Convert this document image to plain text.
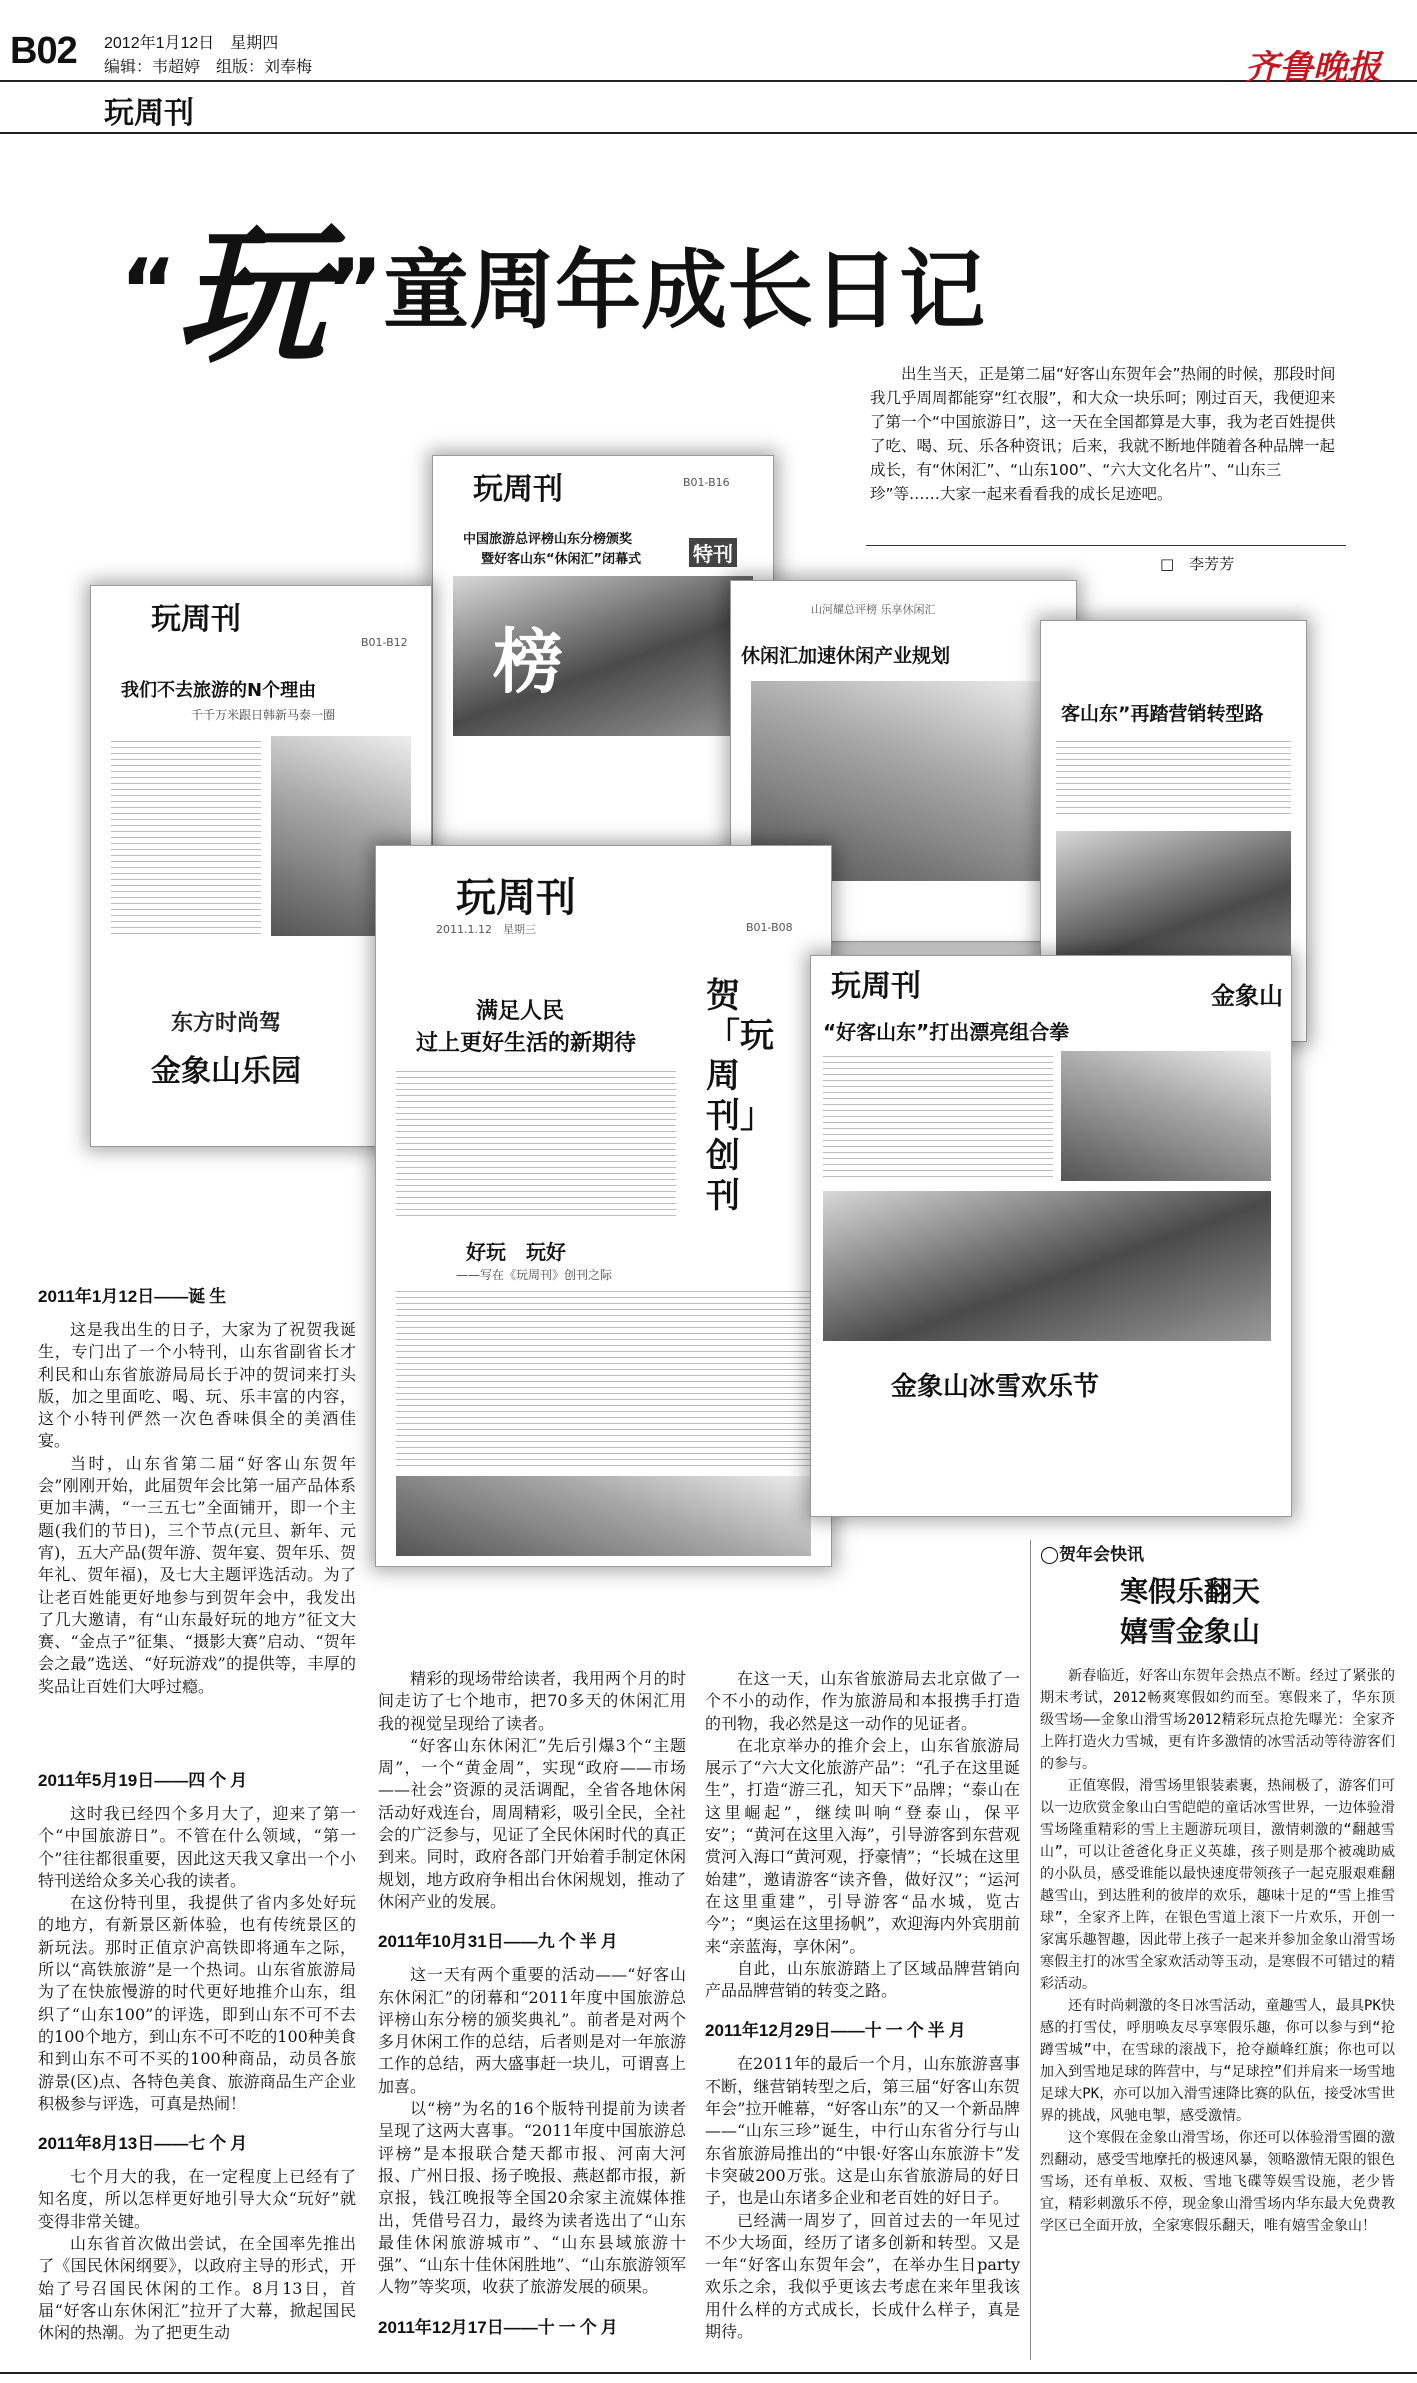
B02 2012年1月12日　星期四
编辑：韦超婷　组版：刘奉梅
玩周刊
齐鲁晚报
“玩”童周年成长日记
出生当天，正是第二届“好客山东贺年会”热闹的时候，那段时间我几乎周周都能穿“红衣服”，和大众一块乐呵；刚过百天，我便迎来了第一个“中国旅游日”，这一天在全国都算是大事，我为老百姓提供了吃、喝、玩、乐各种资讯；后来，我就不断地伴随着各种品牌一起成长，有“休闲汇”、“山东100”、“六大文化名片”、“山东三珍”等……大家一起来看看我的成长足迹吧。
□　李芳芳
玩周刊	B01-B16
中国旅游总评榜山东分榜颁奖
暨好客山东“休闲汇”闭幕式	特刊
榜
玩周刊
B01-B12
我们不去旅游的N个理由
千千万米跟日韩新马泰一圈
东方时尚驾
金象山乐园
山河耀总评榜 乐享休闲汇
休闲汇加速休闲产业规划
客山东”再踏营销转型路
玩周刊
2011.1.12　星期三	B01-B08
满足人民
过上更好生活的新期待
贺「玩周刊」创刊
好玩　玩好
——写在《玩周刊》创刊之际
玩周刊
“好客山东”打出漂亮组合拳
金象山
金象山冰雪欢乐节

2011年1月12日——诞生

这是我出生的日子，大家为了祝贺我诞生，专门出了一个小特刊，山东省副省长才利民和山东省旅游局局长于冲的贺词来打头版，加之里面吃、喝、玩、乐丰富的内容，这个小特刊俨然一次色香味俱全的美酒佳宴。

当时，山东省第二届“好客山东贺年会”刚刚开始，此届贺年会比第一届产品体系更加丰满，“一三五七”全面铺开，即一个主题(我们的节日)，三个节点(元旦、新年、元宵)，五大产品(贺年游、贺年宴、贺年乐、贺年礼、贺年福)，及七大主题评选活动。为了让老百姓能更好地参与到贺年会中，我发出了几大邀请，有“山东最好玩的地方”征文大赛、“金点子”征集、“摄影大赛”启动、“贺年会之最”选送、“好玩游戏”的提供等，丰厚的奖品让百姓们大呼过瘾。

2011年5月19日——四个月

这时我已经四个多月大了，迎来了第一个“中国旅游日”。不管在什么领域，“第一个”往往都很重要，因此这天我又拿出一个小特刊送给众多关心我的读者。

在这份特刊里，我提供了省内多处好玩的地方，有新景区新体验，也有传统景区的新玩法。那时正值京沪高铁即将通车之际，所以“高铁旅游”是一个热词。山东省旅游局为了在快旅慢游的时代更好地推介山东，组织了“山东100”的评选，即到山东不可不去的100个地方，到山东不可不吃的100种美食和到山东不可不买的100种商品，动员各旅游景(区)点、各特色美食、旅游商品生产企业积极参与评选，可真是热闹！

2011年8月13日——七个月

七个月大的我，在一定程度上已经有了知名度，所以怎样更好地引导大众“玩好”就变得非常关键。

山东省首次做出尝试，在全国率先推出了《国民休闲纲要》，以政府主导的形式，开始了号召国民休闲的工作。8月13日，首届“好客山东休闲汇”拉开了大幕，掀起国民休闲的热潮。为了把更生动

精彩的现场带给读者，我用两个月的时间走访了七个地市，把70多天的休闲汇用我的视觉呈现给了读者。

“好客山东休闲汇”先后引爆3个“主题周”，一个“黄金周”，实现“政府——市场——社会”资源的灵活调配，全省各地休闲活动好戏连台，周周精彩，吸引全民，全社会的广泛参与，见证了全民休闲时代的真正到来。同时，政府各部门开始着手制定休闲规划，地方政府争相出台休闲规划，推动了休闲产业的发展。

2011年10月31日——九个半月

这一天有两个重要的活动——“好客山东休闲汇”的闭幕和“2011年度中国旅游总评榜山东分榜的颁奖典礼”。前者是对两个多月休闲工作的总结，后者则是对一年旅游工作的总结，两大盛事赶一块儿，可谓喜上加喜。

以“榜”为名的16个版特刊提前为读者呈现了这两大喜事。“2011年度中国旅游总评榜”是本报联合楚天都市报、河南大河报、广州日报、扬子晚报、燕赵都市报，新京报，钱江晚报等全国20余家主流媒体推出，凭借号召力，最终为读者选出了“山东最佳休闲旅游城市”、“山东县域旅游十强”、“山东十佳休闲胜地”、“山东旅游领军人物”等奖项，收获了旅游发展的硕果。

2011年12月17日——十一个月

在这一天，山东省旅游局去北京做了一个不小的动作，作为旅游局和本报携手打造的刊物，我必然是这一动作的见证者。

在北京举办的推介会上，山东省旅游局展示了“六大文化旅游产品”：“孔子在这里诞生”，打造“游三孔，知天下”品牌；“泰山在这里崛起”，继续叫响“登泰山，保平安”；“黄河在这里入海”，引导游客到东营观赏河入海口“黄河观，抒豪情”；“长城在这里始建”，邀请游客“读齐鲁，做好汉”；“运河在这里重建”，引导游客“品水城，览古今”；“奥运在这里扬帆”，欢迎海内外宾朋前来“亲蓝海，享休闲”。

自此，山东旅游踏上了区域品牌营销向产品品牌营销的转变之路。

2011年12月29日——十一个半月

在2011年的最后一个月，山东旅游喜事不断，继营销转型之后，第三届“好客山东贺年会”拉开帷幕，“好客山东”的又一个新品牌——“山东三珍”诞生，中行山东省分行与山东省旅游局推出的“中银·好客山东旅游卡”发卡突破200万张。这是山东省旅游局的好日子，也是山东诸多企业和老百姓的好日子。

已经满一周岁了，回首过去的一年见过不少大场面，经历了诸多创新和转型。又是一年“好客山东贺年会”，在举办生日party欢乐之余，我似乎更该去考虑在来年里我该用什么样的方式成长，长成什么样子，真是期待。

◯贺年会快讯
寒假乐翻天
嬉雪金象山

新春临近，好客山东贺年会热点不断。经过了紧张的期末考试，2012畅爽寒假如约而至。寒假来了，华东顶级雪场——金象山滑雪场2012精彩玩点抢先曝光：全家齐上阵打造火力雪城，更有许多激情的冰雪活动等待游客们的参与。

正值寒假，滑雪场里银装素裹，热闹极了，游客们可以一边欣赏金象山白雪皑皑的童话冰雪世界，一边体验滑雪场隆重精彩的雪上主题游玩项目，激情刺激的“翻越雪山”，可以让爸爸化身正义英雄，孩子则是那个被魂助威的小队员，感受谁能以最快速度带领孩子一起克服艰难翻越雪山，到达胜利的彼岸的欢乐，趣味十足的“雪上推雪球”，全家齐上阵，在银色雪道上滚下一片欢乐，开创一家寓乐趣智趣，因此带上孩子一起来并参加金象山滑雪场寒假主打的冰雪全家欢活动等玉动，是寒假不可错过的精彩活动。

还有时尚刺激的冬日冰雪活动，童趣雪人，最具PK快感的打雪仗，呼朋唤友尽享寒假乐趣，你可以参与到“抢蹲雪城”中，在雪球的滚战下，抢夺巅峰红旗；你也可以加入到雪地足球的阵营中，与“足球控”们并肩来一场雪地足球大PK，亦可以加入滑雪速降比赛的队伍，接受冰雪世界的挑战，风驰电掣，感受激情。

这个寒假在金象山滑雪场，你还可以体验滑雪圈的激烈翻动，感受雪地摩托的极速风暴，领略激情无限的银色雪场，还有单板、双板、雪地飞碟等娱雪设施，老少皆宜，精彩刺激乐不停，现金象山滑雪场内华东最大免费教学区已全面开放，全家寒假乐翻天，唯有嬉雪金象山！
